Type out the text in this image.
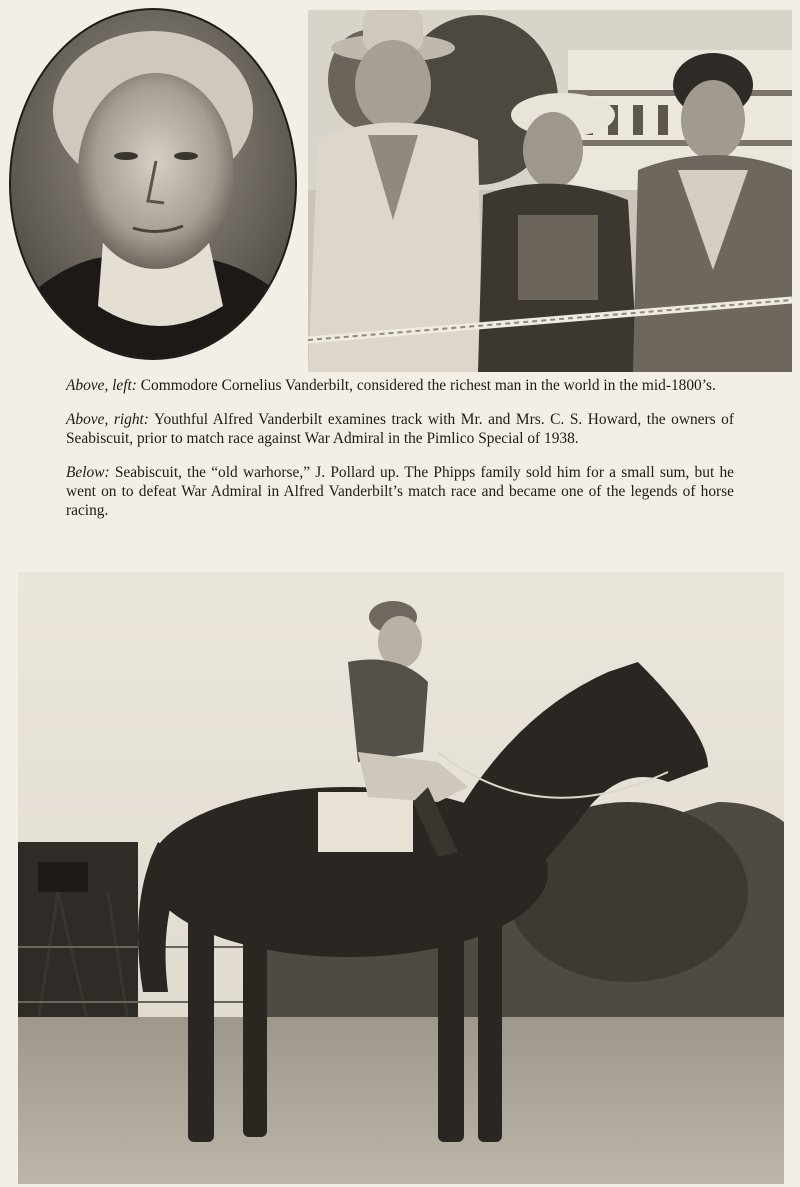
Above, left: Commodore Cornelius Vanderbilt, considered the richest man in the world in the mid-1800’s.

Above, right: Youthful Alfred Vanderbilt examines track with Mr. and Mrs. C. S. Howard, the owners of Seabiscuit, prior to match race against War Admiral in the Pimlico Special of 1938.

Below: Seabiscuit, the “old warhorse,” J. Pollard up. The Phipps family sold him for a small sum, but he went on to defeat War Admiral in Alfred Vanderbilt’s match race and became one of the legends of horse racing.
